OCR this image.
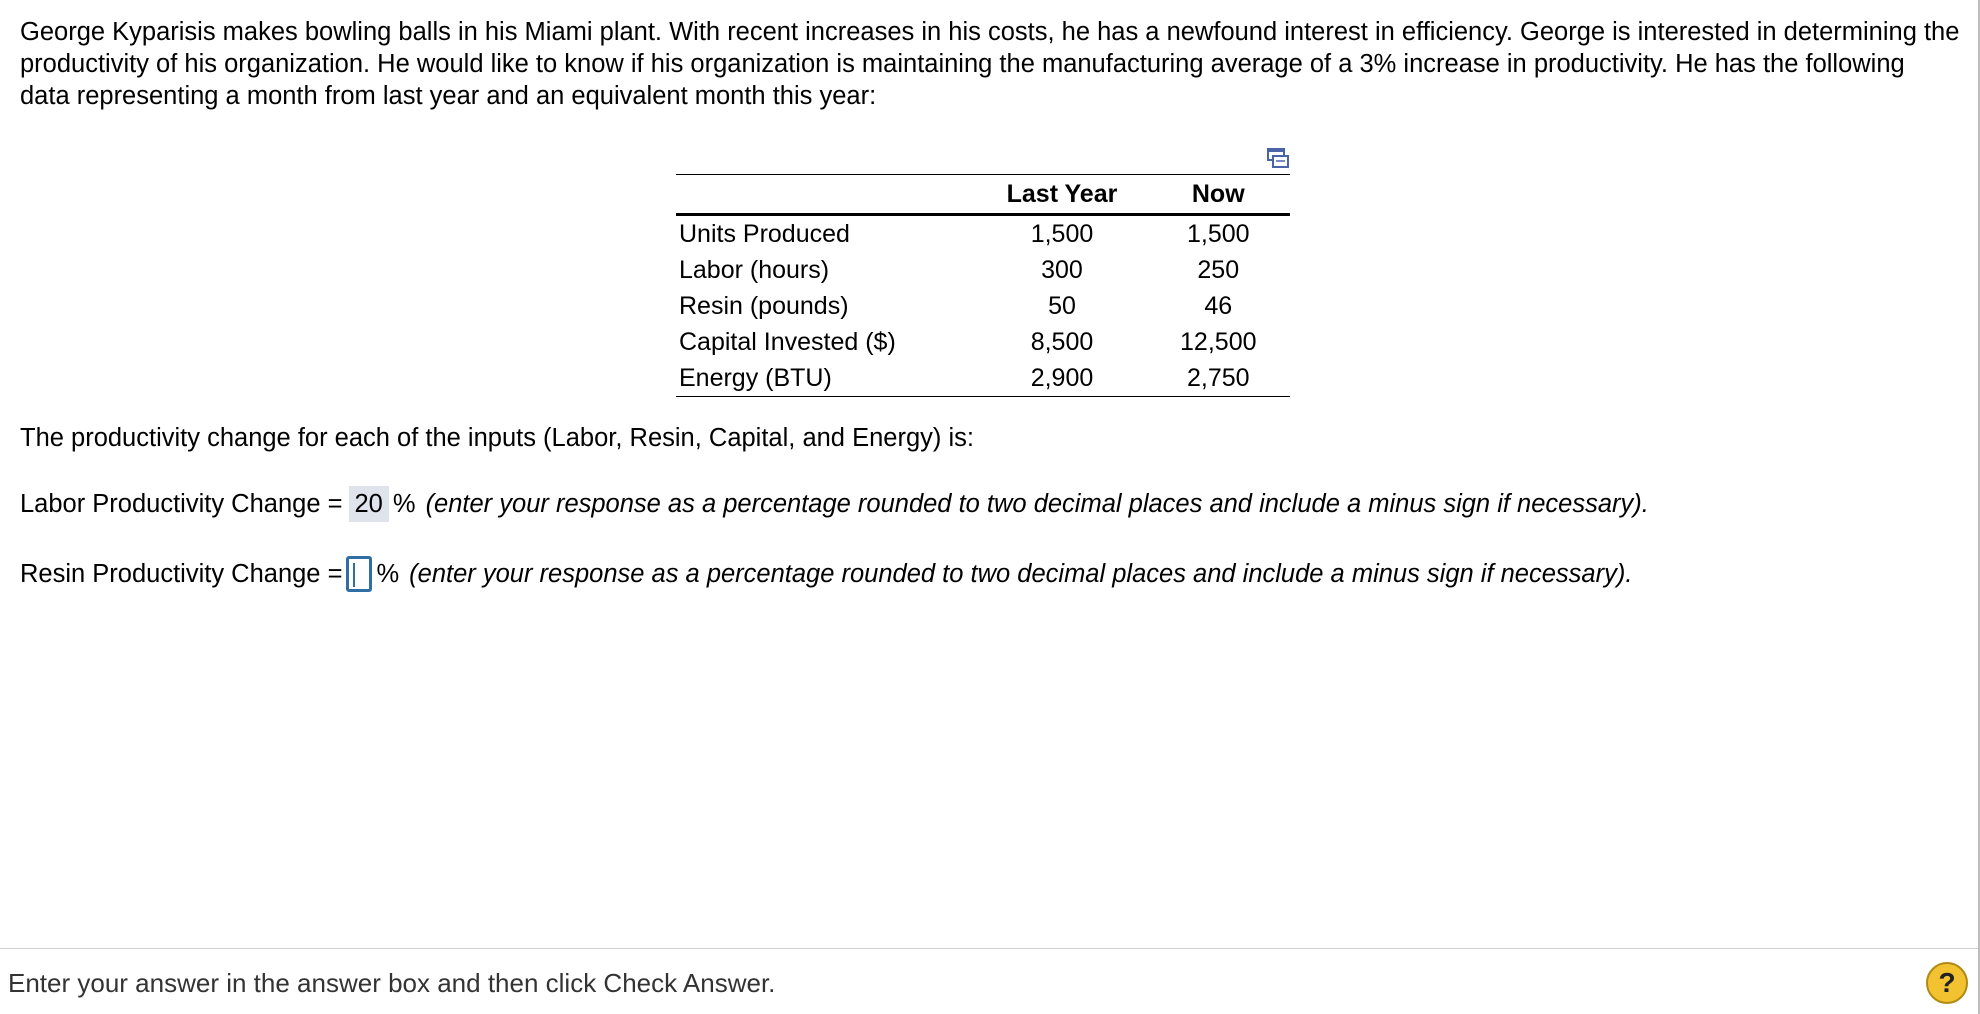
George Kyparisis makes bowling balls in his Miami plant. With recent increases in his costs, he has a newfound interest in efficiency. George is interested in determining the productivity of his organization. He would like to know if his organization is maintaining the manufacturing average of a 3% increase in productivity. He has the following data representing a month from last year and an equivalent month this year:

	Last Year	Now
Units Produced	1,500	1,500
Labor (hours)	300	250
Resin (pounds)	50	46
Capital Invested ($)	8,500	12,500
Energy (BTU)	2,900	2,750

The productivity change for each of the inputs (Labor, Resin, Capital, and Energy) is:

Labor Productivity Change = 20 % (enter your response as a percentage rounded to two decimal places and include a minus sign if necessary).
Resin Productivity Change = % (enter your response as a percentage rounded to two decimal places and include a minus sign if necessary).
Enter your answer in the answer box and then click Check Answer.	?
